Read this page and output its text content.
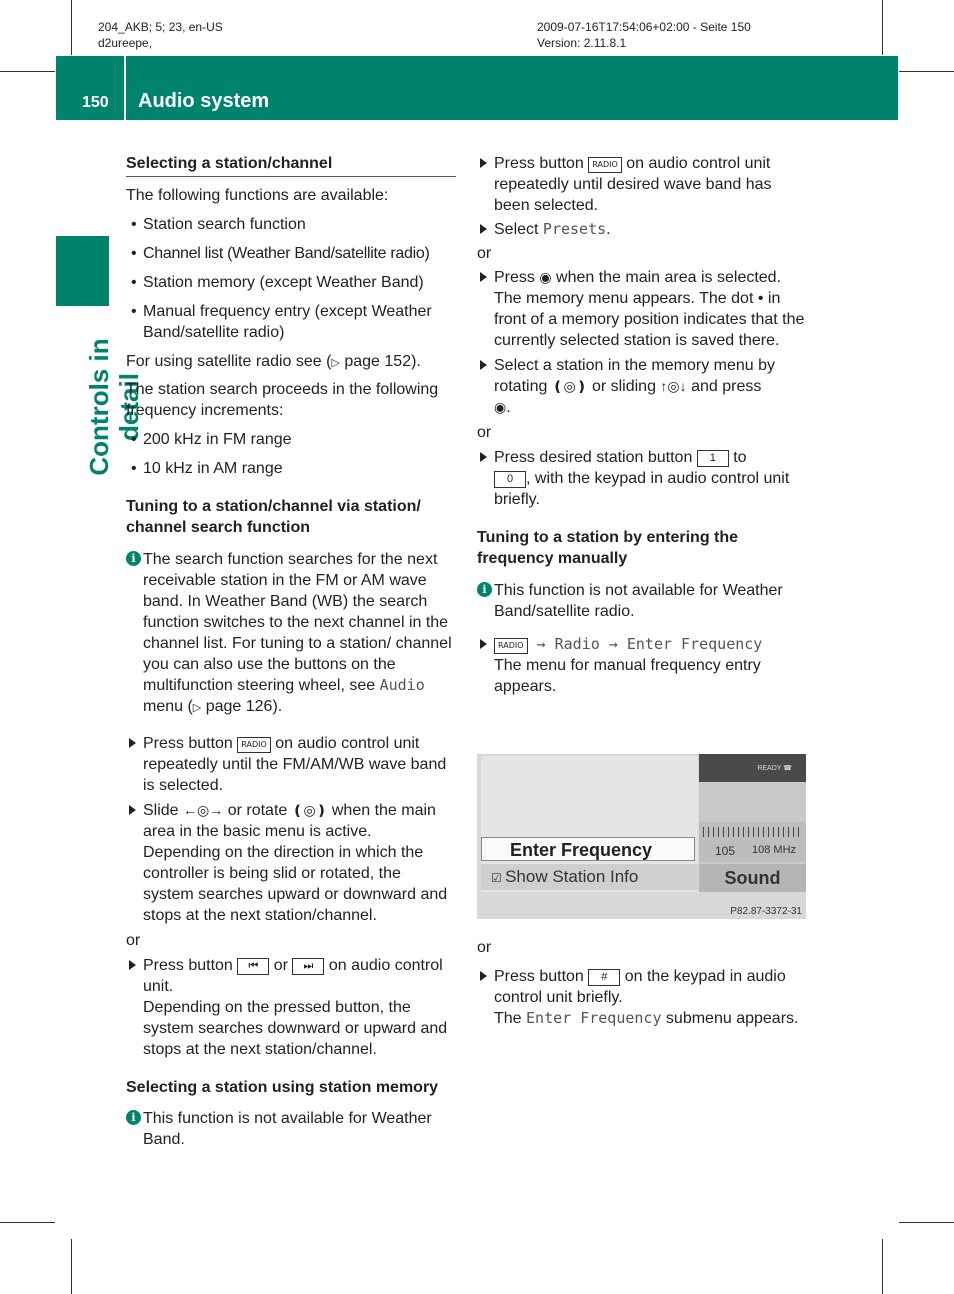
204_AKB; 5; 23, en-US
d2ureepe,
2009-07-16T17:54:06+02:00 - Seite 150
Version: 2.11.8.1
150 Audio system
Controls in detail

Selecting a station/channel

The following functions are available:

• Station search function

• Channel list (Weather Band/satellite radio)

• Station memory (except Weather Band)

• Manual frequency entry (except Weather Band/satellite radio)

For using satellite radio see (▷ page 152).

The station search proceeds in the following frequency increments:

• 200 kHz in FM range

• 10 kHz in AM range

Tuning to a station/channel via station/ channel search function

i The search function searches for the next receivable station in the FM or AM wave band. In Weather Band (WB) the search function switches to the next channel in the channel list. For tuning to a station/ channel you can also use the buttons on the multifunction steering wheel, see Audio menu (▷ page 126).

Press button RADIO on audio control unit repeatedly until the FM/AM/WB wave band is selected.

Slide ←◎→ or rotate ❪◎❫ when the main area in the basic menu is active.
Depending on the direction in which the controller is being slid or rotated, the system searches upward or downward and stops at the next station/channel.

or

Press button ⏮ or ⏭ on audio control unit.
Depending on the pressed button, the system searches downward or upward and stops at the next station/channel.

Selecting a station using station memory

i This function is not available for Weather Band.

Press button RADIO on audio control unit repeatedly until desired wave band has been selected.

Select Presets.

or

Press ◉ when the main area is selected.
The memory menu appears. The dot • in front of a memory position indicates that the currently selected station is saved there.

Select a station in the memory menu by rotating ❪◎❫ or sliding ↑◎↓ and press
◉.

or

Press desired station button 1 to
0 , with the keypad in audio control unit briefly.

Tuning to a station by entering the frequency manually

i This function is not available for Weather Band/satellite radio.

RADIO → Radio → Enter Frequency
The menu for manual frequency entry appears.

Enter Frequency
☑ Show Station Info
READY ☎
105 108 MHz
Sound
P82.87-3372-31

or

Press button # on the keypad in audio control unit briefly.
The Enter Frequency submenu appears.
